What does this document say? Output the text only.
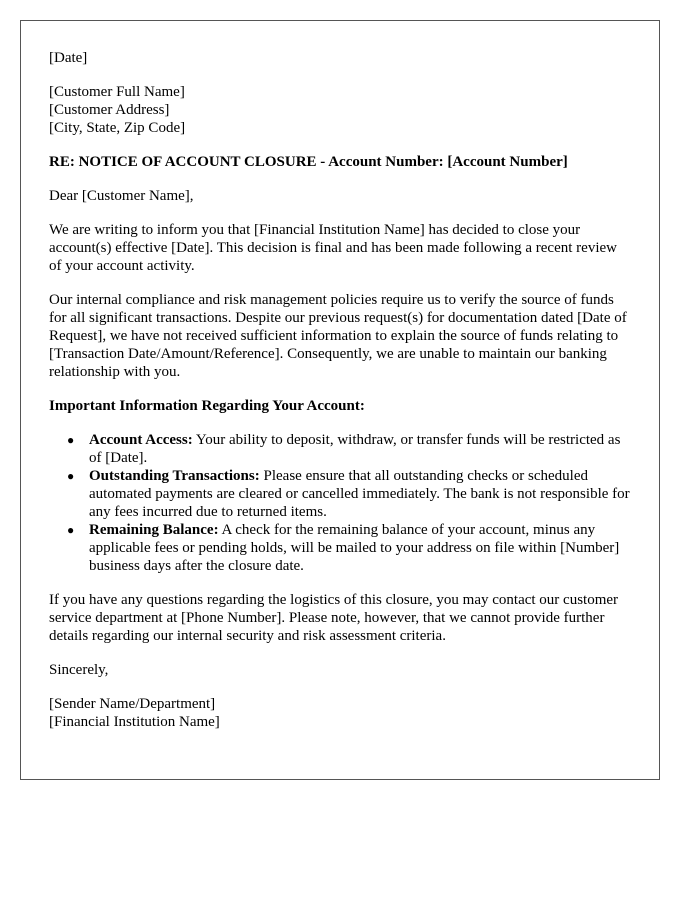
[Date]
[Customer Full Name]
[Customer Address]
[City, State, Zip Code]
RE: NOTICE OF ACCOUNT CLOSURE - Account Number: [Account Number]

Dear [Customer Name],

We are writing to inform you that [Financial Institution Name] has decided to close your account(s) effective [Date]. This decision is final and has been made following a recent review of your account activity.

Our internal compliance and risk management policies require us to verify the source of funds for all significant transactions. Despite our previous request(s) for documentation dated [Date of Request], we have not received sufficient information to explain the source of funds relating to [Transaction Date/Amount/Reference]. Consequently, we are unable to maintain our banking relationship with you.

Important Information Regarding Your Account:
● Account Access: Your ability to deposit, withdraw, or transfer funds will be restricted as of [Date].
● Outstanding Transactions: Please ensure that all outstanding checks or scheduled automated payments are cleared or cancelled immediately. The bank is not responsible for any fees incurred due to returned items.
● Remaining Balance: A check for the remaining balance of your account, minus any applicable fees or pending holds, will be mailed to your address on file within [Number] business days after the closure date.

If you have any questions regarding the logistics of this closure, you may contact our customer service department at [Phone Number]. Please note, however, that we cannot provide further details regarding our internal security and risk assessment criteria.

Sincerely,

[Sender Name/Department]
[Financial Institution Name]
